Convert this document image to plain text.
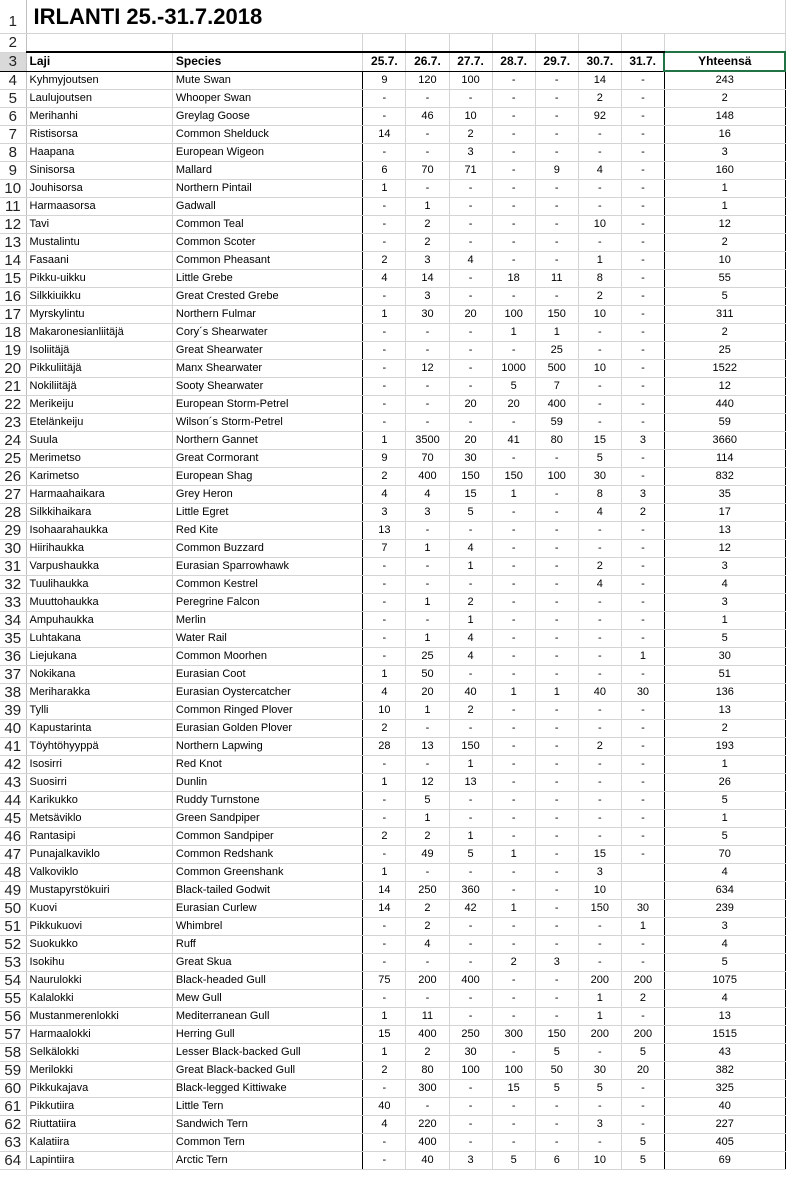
1	IRLANTI 25.-31.7.2018									
2										
3	Laji	Species	25.7.	26.7.	27.7.	28.7.	29.7.	30.7.	31.7.	Yhteensä
4	Kyhmyjoutsen	Mute Swan	9	120	100	-	-	14	-	243
5	Laulujoutsen	Whooper Swan	-	-	-	-	-	2	-	2
6	Merihanhi	Greylag Goose	-	46	10	-	-	92	-	148
7	Ristisorsa	Common Shelduck	14	-	2	-	-	-	-	16
8	Haapana	European Wigeon	-	-	3	-	-	-	-	3
9	Sinisorsa	Mallard	6	70	71	-	9	4	-	160
10	Jouhisorsa	Northern Pintail	1	-	-	-	-	-	-	1
11	Harmaasorsa	Gadwall	-	1	-	-	-	-	-	1
12	Tavi	Common Teal	-	2	-	-	-	10	-	12
13	Mustalintu	Common Scoter	-	2	-	-	-	-	-	2
14	Fasaani	Common Pheasant	2	3	4	-	-	1	-	10
15	Pikku-uikku	Little Grebe	4	14	-	18	11	8	-	55
16	Silkkiuikku	Great Crested Grebe	-	3	-	-	-	2	-	5
17	Myrskylintu	Northern Fulmar	1	30	20	100	150	10	-	311
18	Makaronesianliitäjä	Cory´s Shearwater	-	-	-	1	1	-	-	2
19	Isoliitäjä	Great Shearwater	-	-	-	-	25	-	-	25
20	Pikkuliitäjä	Manx Shearwater	-	12	-	1000	500	10	-	1522
21	Nokiliitäjä	Sooty Shearwater	-	-	-	5	7	-	-	12
22	Merikeiju	European Storm-Petrel	-	-	20	20	400	-	-	440
23	Etelänkeiju	Wilson´s Storm-Petrel	-	-	-	-	59	-	-	59
24	Suula	Northern Gannet	1	3500	20	41	80	15	3	3660
25	Merimetso	Great Cormorant	9	70	30	-	-	5	-	114
26	Karimetso	European Shag	2	400	150	150	100	30	-	832
27	Harmaahaikara	Grey Heron	4	4	15	1	-	8	3	35
28	Silkkihaikara	Little Egret	3	3	5	-	-	4	2	17
29	Isohaarahaukka	Red Kite	13	-	-	-	-	-	-	13
30	Hiirihaukka	Common Buzzard	7	1	4	-	-	-	-	12
31	Varpushaukka	Eurasian Sparrowhawk	-	-	1	-	-	2	-	3
32	Tuulihaukka	Common Kestrel	-	-	-	-	-	4	-	4
33	Muuttohaukka	Peregrine Falcon	-	1	2	-	-	-	-	3
34	Ampuhaukka	Merlin	-	-	1	-	-	-	-	1
35	Luhtakana	Water Rail	-	1	4	-	-	-	-	5
36	Liejukana	Common Moorhen	-	25	4	-	-	-	1	30
37	Nokikana	Eurasian Coot	1	50	-	-	-	-	-	51
38	Meriharakka	Eurasian Oystercatcher	4	20	40	1	1	40	30	136
39	Tylli	Common Ringed Plover	10	1	2	-	-	-	-	13
40	Kapustarinta	Eurasian Golden Plover	2	-	-	-	-	-	-	2
41	Töyhtöhyyppä	Northern Lapwing	28	13	150	-	-	2	-	193
42	Isosirri	Red Knot	-	-	1	-	-	-	-	1
43	Suosirri	Dunlin	1	12	13	-	-	-	-	26
44	Karikukko	Ruddy Turnstone	-	5	-	-	-	-	-	5
45	Metsäviklo	Green Sandpiper	-	1	-	-	-	-	-	1
46	Rantasipi	Common Sandpiper	2	2	1	-	-	-	-	5
47	Punajalkaviklo	Common Redshank	-	49	5	1	-	15	-	70
48	Valkoviklo	Common Greenshank	1	-	-	-	-	3		4
49	Mustapyrstökuiri	Black-tailed Godwit	14	250	360	-	-	10		634
50	Kuovi	Eurasian Curlew	14	2	42	1	-	150	30	239
51	Pikkukuovi	Whimbrel	-	2	-	-	-	-	1	3
52	Suokukko	Ruff	-	4	-	-	-	-	-	4
53	Isokihu	Great Skua	-	-	-	2	3	-	-	5
54	Naurulokki	Black-headed Gull	75	200	400	-	-	200	200	1075
55	Kalalokki	Mew Gull	-	-	-	-	-	1	2	4
56	Mustanmerenlokki	Mediterranean Gull	1	11	-	-	-	1	-	13
57	Harmaalokki	Herring Gull	15	400	250	300	150	200	200	1515
58	Selkälokki	Lesser Black-backed Gull	1	2	30	-	5	-	5	43
59	Merilokki	Great Black-backed Gull	2	80	100	100	50	30	20	382
60	Pikkukajava	Black-legged Kittiwake	-	300	-	15	5	5	-	325
61	Pikkutiira	Little Tern	40	-	-	-	-	-	-	40
62	Riuttatiira	Sandwich Tern	4	220	-	-	-	3	-	227
63	Kalatiira	Common Tern	-	400	-	-	-	-	5	405
64	Lapintiira	Arctic Tern	-	40	3	5	6	10	5	69
